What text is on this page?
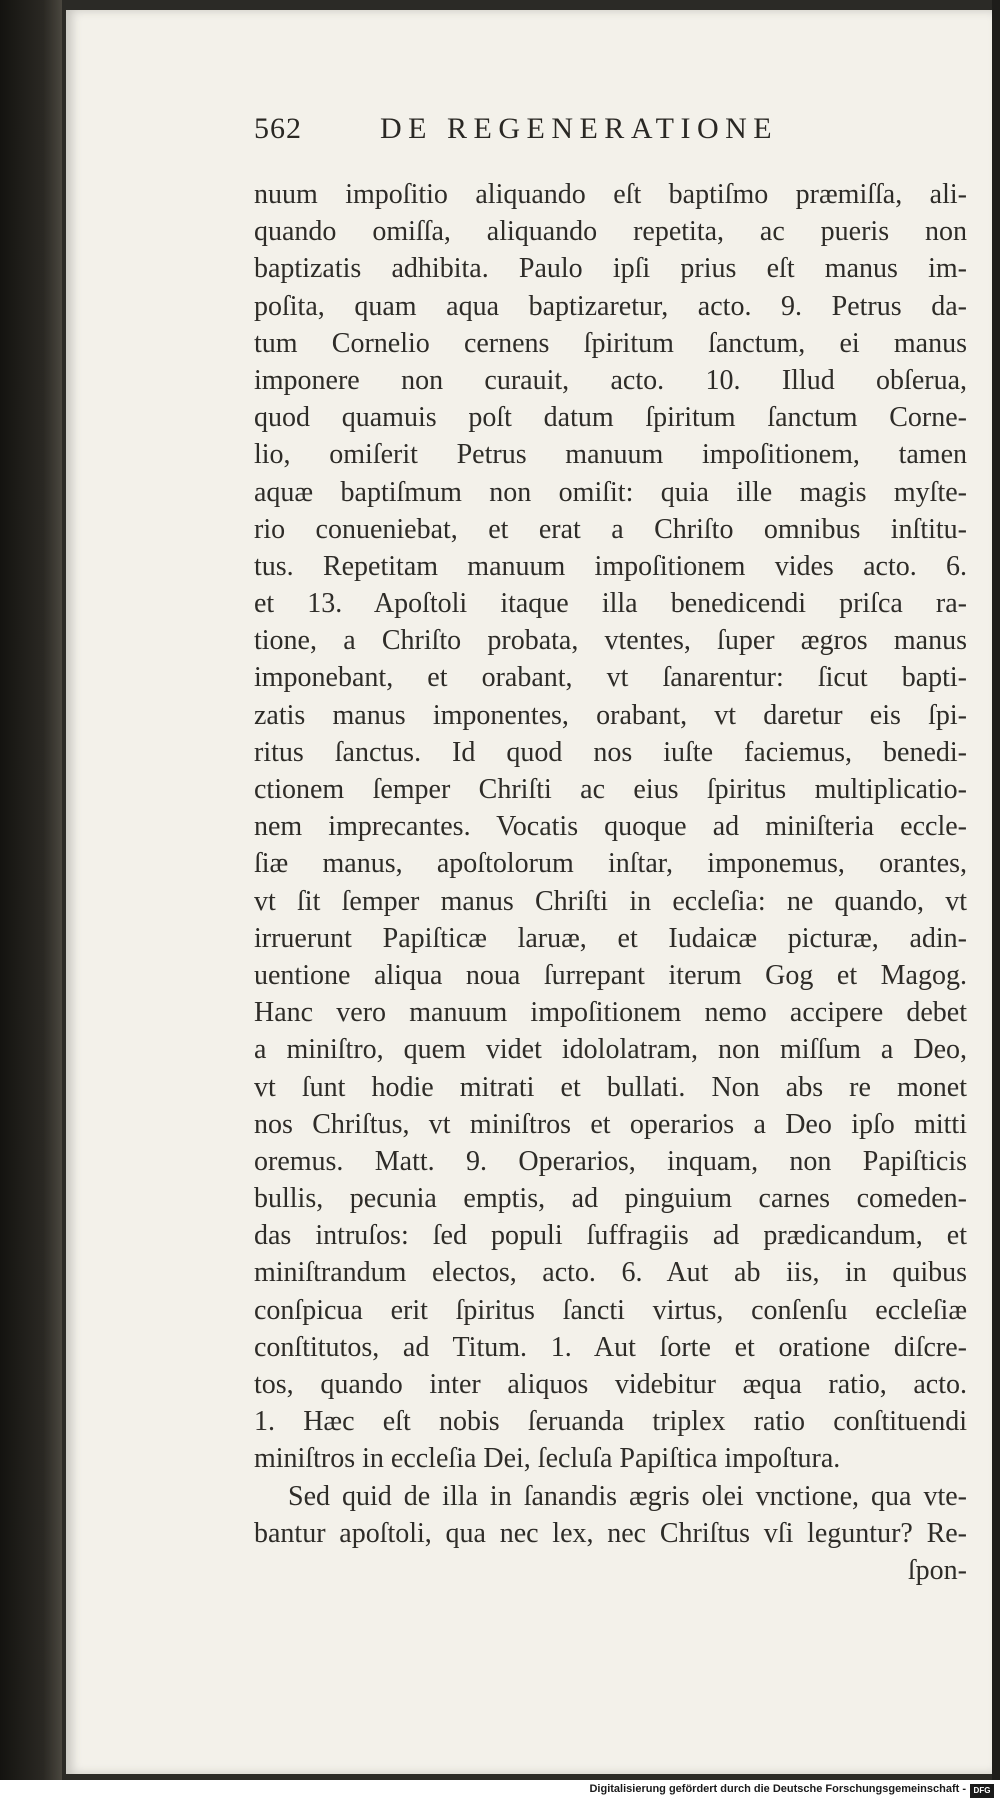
562	DE REGENERATIONE
nuum impoſitio aliquando eſt baptiſmo præmiſſa, ali-
quando omiſſa, aliquando repetita, ac pueris non
baptizatis adhibita. Paulo ipſi prius eſt manus im-
poſita, quam aqua baptizaretur, acto. 9. Petrus da-
tum Cornelio cernens ſpiritum ſanctum, ei manus
imponere non curauit, acto. 10. Illud obſerua,
quod quamuis poſt datum ſpiritum ſanctum Corne-
lio, omiſerit Petrus manuum impoſitionem, tamen
aquæ baptiſmum non omiſit: quia ille magis myſte-
rio conueniebat, et erat a Chriſto omnibus inſtitu-
tus. Repetitam manuum impoſitionem vides acto. 6.
et 13. Apoſtoli itaque illa benedicendi priſca ra-
tione, a Chriſto probata, vtentes, ſuper ægros manus
imponebant, et orabant, vt ſanarentur: ſicut bapti-
zatis manus imponentes, orabant, vt daretur eis ſpi-
ritus ſanctus. Id quod nos iuſte faciemus, benedi-
ctionem ſemper Chriſti ac eius ſpiritus multiplicatio-
nem imprecantes. Vocatis quoque ad miniſteria eccle-
ſiæ manus, apoſtolorum inſtar, imponemus, orantes,
vt ſit ſemper manus Chriſti in eccleſia: ne quando, vt
irruerunt Papiſticæ laruæ, et Iudaicæ picturæ, adin-
uentione aliqua noua ſurrepant iterum Gog et Magog.
Hanc vero manuum impoſitionem nemo accipere debet
a miniſtro, quem videt idololatram, non miſſum a Deo,
vt ſunt hodie mitrati et bullati. Non abs re monet
nos Chriſtus, vt miniſtros et operarios a Deo ipſo mitti
oremus. Matt. 9. Operarios, inquam, non Papiſticis
bullis, pecunia emptis, ad pinguium carnes comeden-
das intruſos: ſed populi ſuffragiis ad prædicandum, et
miniſtrandum electos, acto. 6. Aut ab iis, in quibus
conſpicua erit ſpiritus ſancti virtus, conſenſu eccleſiæ
conſtitutos, ad Titum. 1. Aut ſorte et oratione diſcre-
tos, quando inter aliquos videbitur æqua ratio, acto.
1. Hæc eſt nobis ſeruanda triplex ratio conſtituendi
miniſtros in eccleſia Dei, ſecluſa Papiſtica impoſtura.
Sed quid de illa in ſanandis ægris olei vnctione, qua vte-
bantur apoſtoli, qua nec lex, nec Chriſtus vſi leguntur? Re-
ſpon-
Digitalisierung gefördert durch die Deutsche Forschungsgemeinschaft - DFG
